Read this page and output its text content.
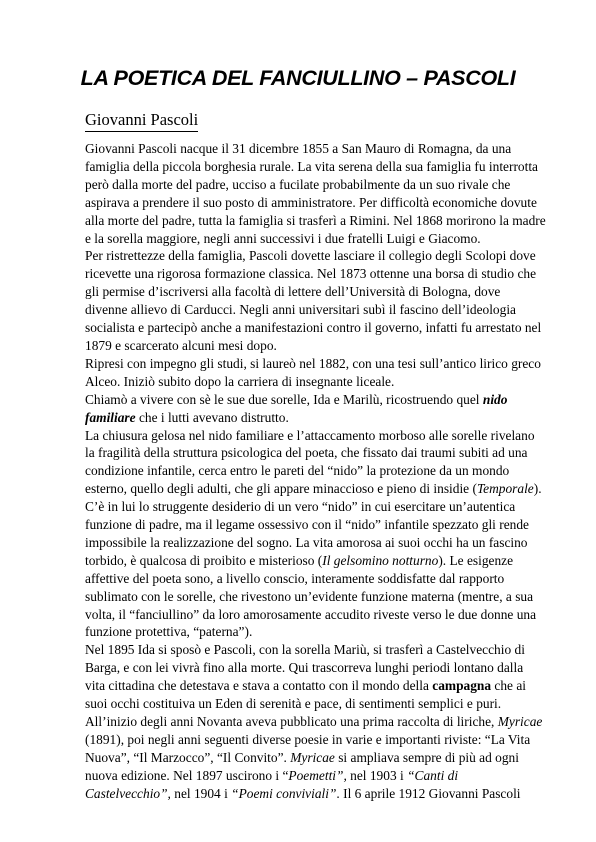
LA POETICA DEL FANCIULLINO – PASCOLI
Giovanni Pascoli

Giovanni Pascoli nacque il 31 dicembre 1855 a San Mauro di Romagna, da una
famiglia della piccola borghesia rurale. La vita serena della sua famiglia fu interrotta
però dalla morte del padre, ucciso a fucilate probabilmente da un suo rivale che
aspirava a prendere il suo posto di amministratore. Per difficoltà economiche dovute
alla morte del padre, tutta la famiglia si trasferì a Rimini. Nel 1868 morirono la madre
e la sorella maggiore, negli anni successivi i due fratelli Luigi e Giacomo.

Per ristrettezze della famiglia, Pascoli dovette lasciare il collegio degli Scolopi dove
ricevette una rigorosa formazione classica. Nel 1873 ottenne una borsa di studio che
gli permise d’iscriversi alla facoltà di lettere dell’Università di Bologna, dove
divenne allievo di Carducci. Negli anni universitari subì il fascino dell’ideologia
socialista e partecipò anche a manifestazioni contro il governo, infatti fu arrestato nel
1879 e scarcerato alcuni mesi dopo.

Ripresi con impegno gli studi, si laureò nel 1882, con una tesi sull’antico lirico greco
Alceo. Iniziò subito dopo la carriera di insegnante liceale.

Chiamò a vivere con sè le sue due sorelle, Ida e Marilù, ricostruendo quel nido
familiare che i lutti avevano distrutto.

La chiusura gelosa nel nido familiare e l’attaccamento morboso alle sorelle rivelano
la fragilità della struttura psicologica del poeta, che fissato dai traumi subiti ad una
condizione infantile, cerca entro le pareti del “nido” la protezione da un mondo
esterno, quello degli adulti, che gli appare minaccioso e pieno di insidie (Temporale).
C’è in lui lo struggente desiderio di un vero “nido” in cui esercitare un’autentica
funzione di padre, ma il legame ossessivo con il “nido” infantile spezzato gli rende
impossibile la realizzazione del sogno. La vita amorosa ai suoi occhi ha un fascino
torbido, è qualcosa di proibito e misterioso (Il gelsomino notturno). Le esigenze
affettive del poeta sono, a livello conscio, interamente soddisfatte dal rapporto
sublimato con le sorelle, che rivestono un’evidente funzione materna (mentre, a sua
volta, il “fanciullino” da loro amorosamente accudito riveste verso le due donne una
funzione protettiva, “paterna”).

Nel 1895 Ida si sposò e Pascoli, con la sorella Mariù, si trasferì a Castelvecchio di
Barga, e con lei vivrà fino alla morte. Qui trascorreva lunghi periodi lontano dalla
vita cittadina che detestava e stava a contatto con il mondo della campagna che ai
suoi occhi costituiva un Eden di serenità e pace, di sentimenti semplici e puri.

All’inizio degli anni Novanta aveva pubblicato una prima raccolta di liriche, Myricae
(1891), poi negli anni seguenti diverse poesie in varie e importanti riviste: “La Vita
Nuova”, “Il Marzocco”, “Il Convito”. Myricae si ampliava sempre di più ad ogni
nuova edizione. Nel 1897 uscirono i “Poemetti”, nel 1903 i “Canti di
Castelvecchio”, nel 1904 i “Poemi conviviali”. Il 6 aprile 1912 Giovanni Pascoli
